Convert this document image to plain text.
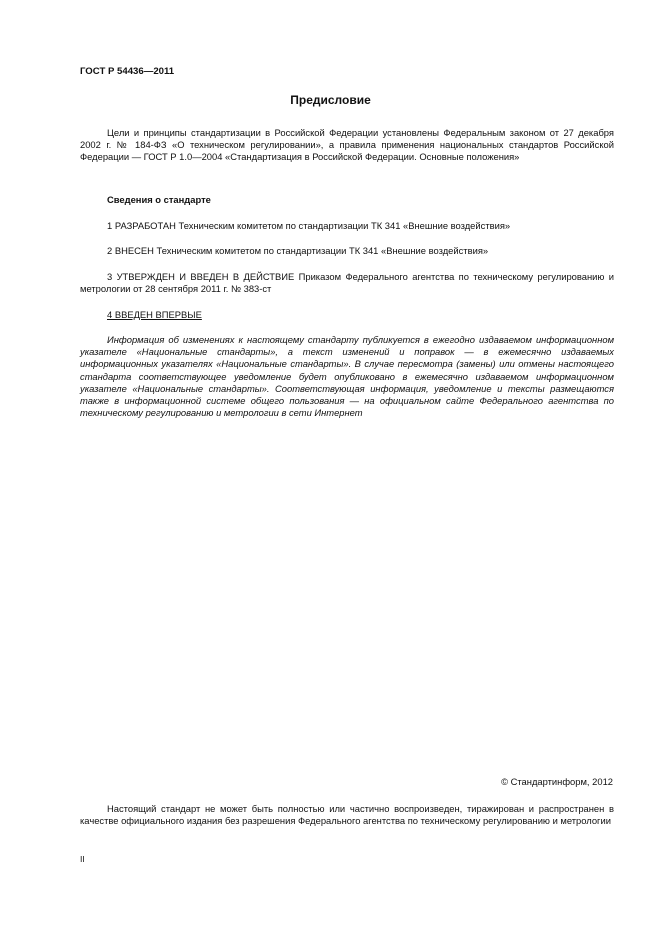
ГОСТ Р 54436—2011
Предисловие

Цели и принципы стандартизации в Российской Федерации установлены Федеральным законом от 27 декабря 2002 г. № 184-ФЗ «О техническом регулировании», а правила применения национальных стандартов Российской Федерации — ГОСТ Р 1.0—2004 «Стандартизация в Российской Федерации. Основные положения»

Сведения о стандарте
1 РАЗРАБОТАН Техническим комитетом по стандартизации ТК 341 «Внешние воздействия»
2 ВНЕСЕН Техническим комитетом по стандартизации ТК 341 «Внешние воздействия»
3 УТВЕРЖДЕН И ВВЕДЕН В ДЕЙСТВИЕ Приказом Федерального агентства по техническому регулированию и метрологии от 28 сентября 2011 г. № 383-ст
4 ВВЕДЕН ВПЕРВЫЕ

Информация об изменениях к настоящему стандарту публикуется в ежегодно издаваемом информационном указателе «Национальные стандарты», а текст изменений и поправок — в ежемесячно издаваемых информационных указателях «Национальные стандарты». В случае пересмотра (замены) или отмены настоящего стандарта соответствующее уведомление будет опубликовано в ежемесячно издаваемом информационном указателе «Национальные стандарты». Соответствующая информация, уведомление и тексты размещаются также в информационной системе общего пользования — на официальном сайте Федерального агентства по техническому регулированию и метрологии в сети Интернет

© Стандартинформ, 2012

Настоящий стандарт не может быть полностью или частично воспроизведен, тиражирован и распространен в качестве официального издания без разрешения Федерального агентства по техническому регулированию и метрологии

II
